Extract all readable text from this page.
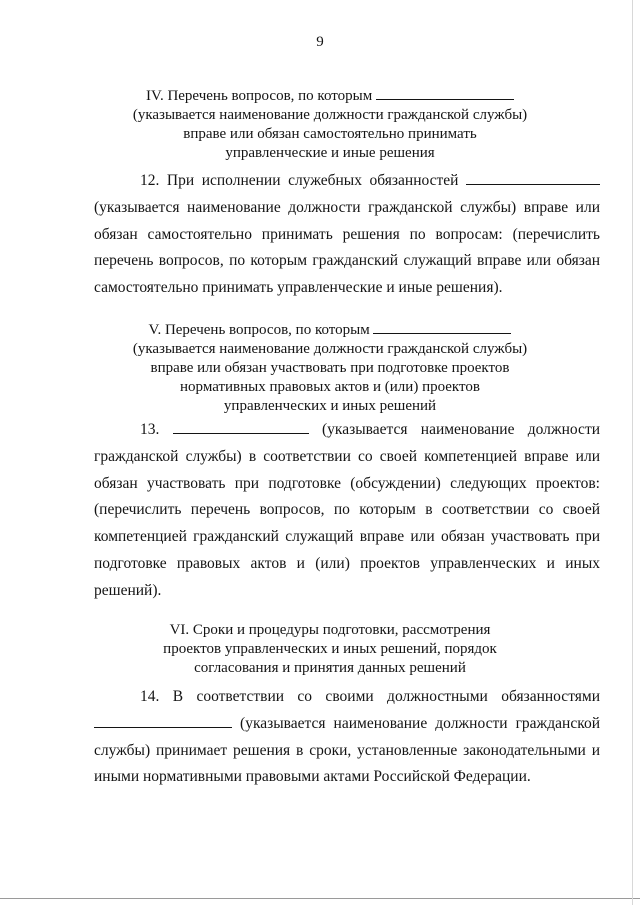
9
IV. Перечень вопросов, по которым
(указывается наименование должности гражданской службы)
вправе или обязан самостоятельно принимать
управленческие и иные решения
12. При исполнении служебных обязанностей
(указывается наименование должности гражданской службы) вправе или
обязан самостоятельно принимать решения по вопросам: (перечислить
перечень вопросов, по которым гражданский служащий вправе или обязан
самостоятельно принимать управленческие и иные решения).
V. Перечень вопросов, по которым
(указывается наименование должности гражданской службы)
вправе или обязан участвовать при подготовке проектов
нормативных правовых актов и (или) проектов
управленческих и иных решений
13.	(указывается наименование должности
гражданской службы) в соответствии со своей компетенцией вправе или
обязан участвовать при подготовке (обсуждении) следующих проектов:
(перечислить перечень вопросов, по которым в соответствии со своей
компетенцией гражданский служащий вправе или обязан участвовать при
подготовке правовых актов и (или) проектов управленческих и иных
решений).
VI. Сроки и процедуры подготовки, рассмотрения
проектов управленческих и иных решений, порядок
согласования и принятия данных решений
14. В соответствии со своими должностными обязанностями
(указывается наименование должности гражданской
службы) принимает решения в сроки, установленные законодательными и
иными нормативными правовыми актами Российской Федерации.
